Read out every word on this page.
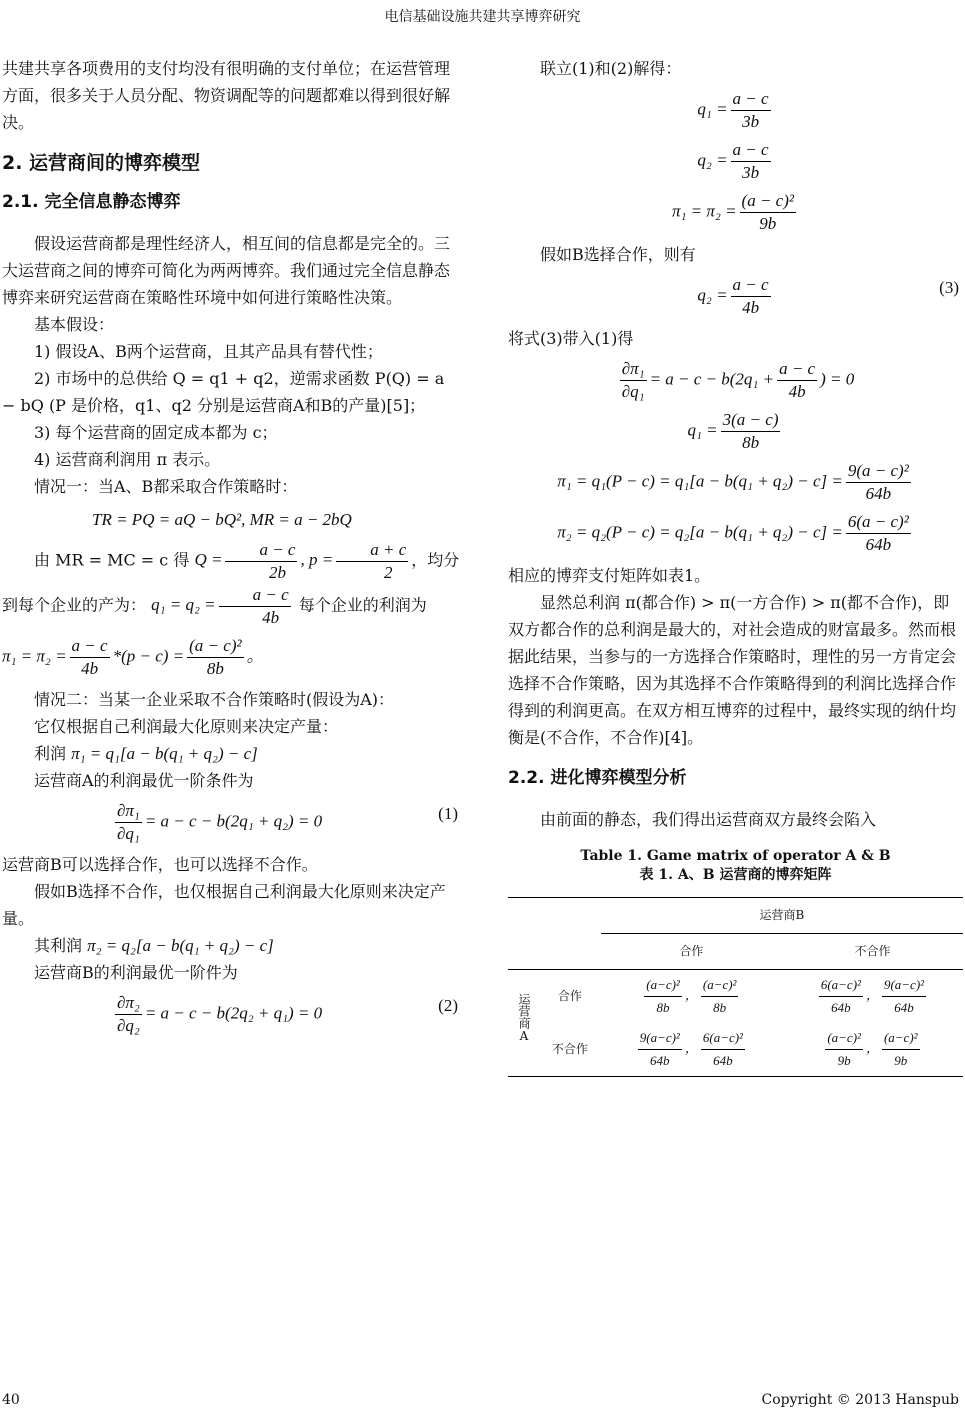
电信基础设施共建共享博弈研究

共建共享各项费用的支付均没有很明确的支付单位；在运营管理方面，很多关于人员分配、物资调配等的问题都难以得到很好解决。

2. 运营商间的博弈模型
2.1. 完全信息静态博弈

假设运营商都是理性经济人，相互间的信息都是完全的。三大运营商之间的博弈可简化为两两博弈。我们通过完全信息静态博弈来研究运营商在策略性环境中如何进行策略性决策。

基本假设：

1) 假设A、B两个运营商，且其产品具有替代性；

2) 市场中的总供给 Q = q1 + q2，逆需求函数 P(Q) = a − bQ (P 是价格，q1、q2 分别是运营商A和B的产量)[5]；

3) 每个运营商的固定成本都为 c；

4) 运营商利润用 π 表示。

情况一：当A、B都采取合作策略时：

TR = PQ = aQ − bQ², MR = a − 2bQ

由 MR = MC = c 得 $Q = \frac{a - c}{2b}$ , $p = \frac{a + c}{2}$ ，均分到每个企业的产为： $q_1 = q_2 = \frac{a - c}{4b}$ 每个企业的利润为

$\pi_1 = \pi_2 = \frac{a - c}{4b} *(p - c) = \frac{\text{(a − c)²}}{8b}$ 。

情况二：当某一企业采取不合作策略时(假设为A)：

它仅根据自己利润最大化原则来决定产量：

利润 π₁ = q₁[a − b(q₁ + q₂) − c]

运营商A的利润最优一阶条件为

$\frac{\text{∂π₁}}{\text{∂q₁}} = a - c - b(2q_1 + q_2) = 0$	(1)

运营商B可以选择合作，也可以选择不合作。

假如B选择不合作，也仅根据自己利润最大化原则来决定产量。

其利润 π₂ = q₂[a − b(q₁ + q₂) − c]

运营商B的利润最优一阶件为

$\frac{\text{∂π₂}}{\text{∂q₂}} = a - c - b(2q_2 + q_1) = 0$	(2)

联立(1)和(2)解得：

$q_1 = \frac{a - c}{3b}$
$q_2 = \frac{a - c}{3b}$
$\pi_1 = \pi_2 = \frac{\text{(a − c)²}}{9b}$

假如B选择合作，则有

$q_2 = \frac{a - c}{4b}$	(3)

将式(3)带入(1)得

$\frac{\text{∂π₁}}{\text{∂q₁}} = a - c - b(2q_1 + \frac{a - c}{4b}$ ) = 0
$q_1 = \frac{3(a - c)}{8b}$
$\pi_1 = q_1(P - c) = q_1[a - b(q_1 + q_2) - c] = \frac{\text{9(a − c)²}}{64b}$
$\pi_2 = q_2(P - c) = q_2[a - b(q_1 + q_2) - c] = \frac{\text{6(a − c)²}}{64b}$

相应的博弈支付矩阵如表1。

显然总利润 π(都合作) > π(一方合作) > π(都不合作)，即双方都合作的总利润是最大的，对社会造成的财富最多。然而根据此结果，当参与的一方选择合作策略时，理性的另一方肯定会选择不合作策略，因为其选择不合作策略得到的利润比选择合作得到的利润更高。在双方相互博弈的过程中，最终实现的纳什均衡是(不合作，不合作)[4]。

2.2. 进化博弈模型分析

由前面的静态，我们得出运营商双方最终会陷入

Table 1. Game matrix of operator A & B
表 1. A、B 运营商的博弈矩阵
		运营商B	
		合作	不合作
运营商A	合作	$\frac{\text{(a−c)²}}{8b}$ ， $\frac{\text{(a−c)²}}{8b}$	$\frac{\text{6(a−c)²}}{64b}$ ， $\frac{\text{9(a−c)²}}{64b}$

	不合作	$\frac{\text{9(a−c)²}}{64b}$ ， $\frac{\text{6(a−c)²}}{64b}$	$\frac{\text{(a−c)²}}{9b}$ ， $\frac{\text{(a−c)²}}{9b}$
40	Copyright © 2013 Hanspub
